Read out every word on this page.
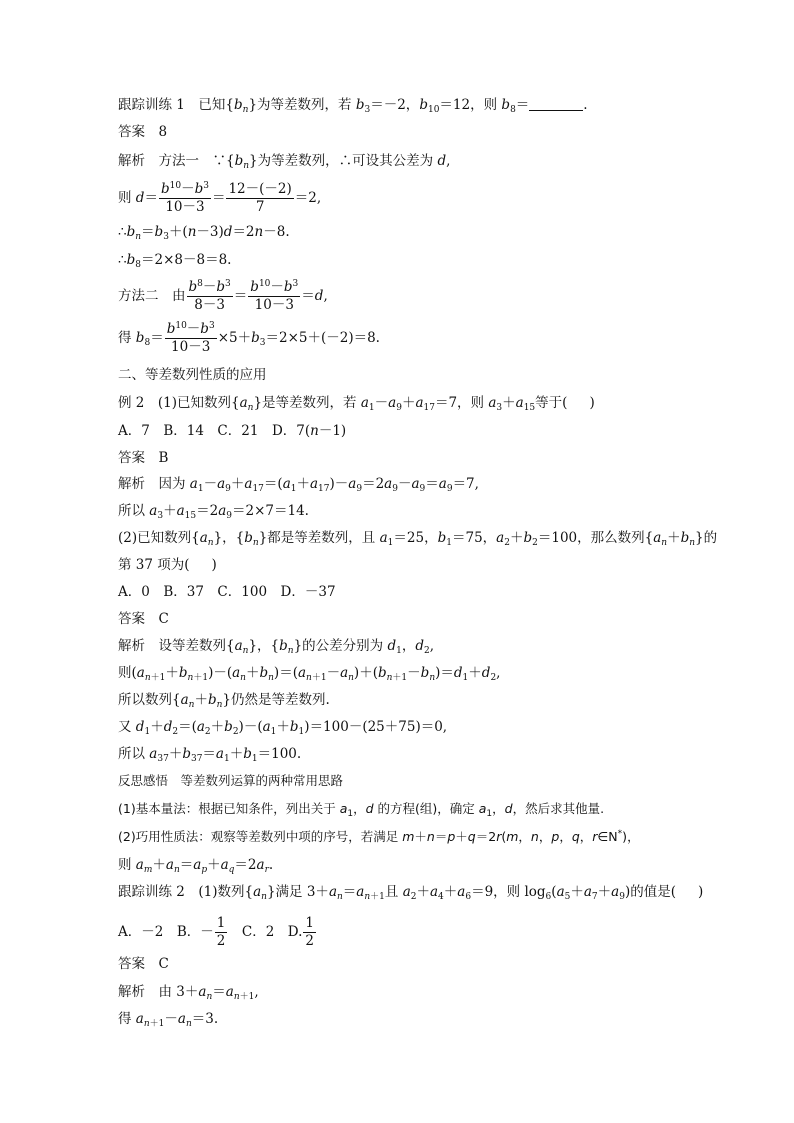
跟踪训练 1　已知$\{b_n\}$为等差数列，若 $b_3=-2$，$b_{10}=12$，则 $b_8=$	.
答案　8
解析　方法一　$\because\{b_n\}$为等差数列，∴可设其公差为 d,
则 $d= \frac{b^{10}-b^3}{10-3} = \frac{12-(-2)}{7} =2$,
$\therefore b_n=b_3+(n-3)d=2n-8$.
$\therefore b_8=2\times 8-8=8$.
方法二　由 $\frac{b^8-b^3}{8-3} = \frac{b^{10}-b^3}{10-3} =d$,
得 $b_8= \frac{b^{10}-b^3}{10-3} \times 5+b_3=2\times 5+(-2)=8$.
二、等差数列性质的应用
例 2　(1)已知数列$\{a_n\}$是等差数列，若 $a_1-a_9+a_{17}=7$，则 $a_3+a_{15}$等于( )
A．7　B．14　C．21　D．7(n－1)
答案　B
解析　因为 $a_1-a_9+a_{17}=(a_1+a_{17})-a_9=2a_9-a_9=a_9=7$,
所以 $a_3+a_{15}=2a_9=2\times 7=14$.
(2)已知数列$\{a_n\}$，$\{b_n\}$都是等差数列，且 $a_1=25$，$b_1=75$，$a_2+b_2=100$，那么数列$\{a_n+b_n\}$的
第 37 项为( )
A．0　B．37　C．100　D．－37
答案　C
解析　设等差数列$\{a_n\}$，$\{b_n\}$的公差分别为 $d_1$，$d_2$,
则$(a_{n+1}+b_{n+1})-(a_n+b_n)=(a_{n+1}-a_n)+(b_{n+1}-b_n)=d_1+d_2$,
所以数列$\{a_n+b_n\}$仍然是等差数列.
又 $d_1+d_2=(a_2+b_2)-(a_1+b_1)=100-(25+75)=0$,
所以 $a_{37}+b_{37}=a_1+b_1=100$.
反思感悟　等差数列运算的两种常用思路
(1)基本量法：根据已知条件，列出关于 $a_1$，d 的方程(组)，确定 $a_1$，d，然后求其他量.
(2)巧用性质法：观察等差数列中项的序号，若满足 m＋n＝p＋q＝2r(m，n，p，q，r∈N*)，
则 $a_m+a_n=a_p+a_q=2a_r$.
跟踪训练 2　(1)数列$\{a_n\}$满足 $3+a_n=a_{n+1}$且 $a_2+a_4+a_6=9$，则 $\log_6(a_5+a_7+a_9)$的值是( )
A．－2　B．－ $\frac{1}{2}$ 　C．2　D. $\frac{1}{2}$
答案　C
解析　由 $3+a_n=a_{n+1}$,
得 $a_{n+1}-a_n=3$.
